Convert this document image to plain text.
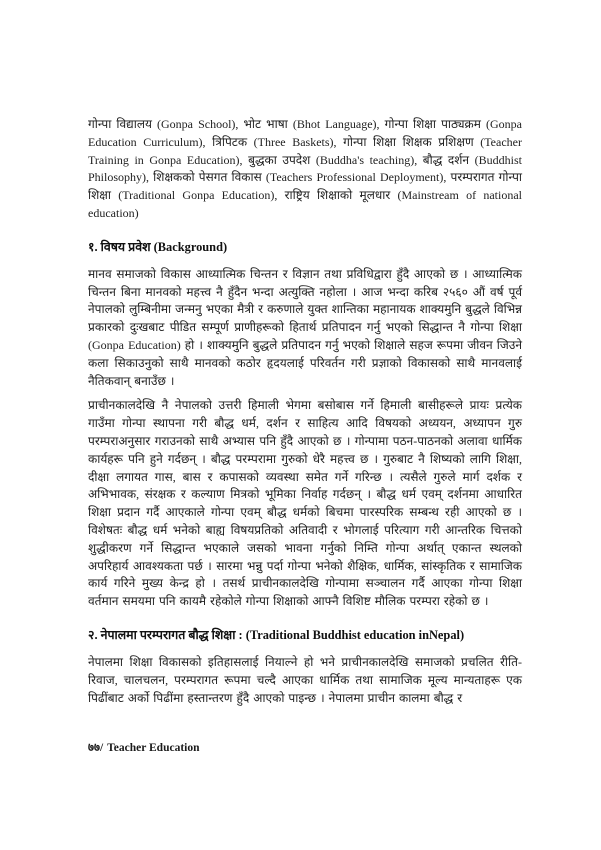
गोन्पा विद्यालय (Gonpa School), भोट भाषा (Bhot Language), गोन्पा शिक्षा पाठ्यक्रम (Gonpa Education Curriculum), त्रिपिटक (Three Baskets), गोन्पा शिक्षा शिक्षक प्रशिक्षण (Teacher Training in Gonpa Education), बुद्धका उपदेश (Buddha's teaching), बौद्ध दर्शन (Buddhist Philosophy), शिक्षकको पेसगत विकास (Teachers Professional Deployment), परम्परागत गोन्पा शिक्षा (Traditional Gonpa Education), राष्ट्रिय शिक्षाको मूलधार (Mainstream of national education)

१. विषय प्रवेश (Background)

मानव समाजको विकास आध्यात्मिक चिन्तन र विज्ञान तथा प्रविधिद्वारा हुँदै आएको छ । आध्यात्मिक चिन्तन बिना मानवको महत्त्व नै हुँदैन भन्दा अत्युक्ति नहोला । आज भन्दा करिब २५६० औं वर्ष पूर्व नेपालको लुम्बिनीमा जन्मनु भएका मैत्री र करुणाले युक्त शान्तिका महानायक शाक्यमुनि बुद्धले विभिन्न प्रकारको दुःखबाट पीडित सम्पूर्ण प्राणीहरूको हितार्थ प्रतिपादन गर्नु भएको सिद्धान्त नै गोन्पा शिक्षा (Gonpa Education) हो । शाक्यमुनि बुद्धले प्रतिपादन गर्नु भएको शिक्षाले सहज रूपमा जीवन जिउने कला सिकाउनुको साथै मानवको कठोर हृदयलाई परिवर्तन गरी प्रज्ञाको विकासको साथै मानवलाई नैतिकवान् बनाउँछ ।

प्राचीनकालदेखि नै नेपालको उत्तरी हिमाली भेगमा बसोबास गर्ने हिमाली बासीहरूले प्रायः प्रत्येक गाउँमा गोन्पा स्थापना गरी बौद्ध धर्म, दर्शन र साहित्य आदि विषयको अध्ययन, अध्यापन गुरु परम्पराअनुसार गराउनको साथै अभ्यास पनि हुँदै आएको छ । गोन्पामा पठन-पाठनको अलावा धार्मिक कार्यहरू पनि हुने गर्दछन् । बौद्ध परम्परामा गुरुको धेरै महत्त्व छ । गुरुबाट नै शिष्यको लागि शिक्षा, दीक्षा लगायत गास, बास र कपासको व्यवस्था समेत गर्ने गरिन्छ । त्यसैले गुरुले मार्ग दर्शक र अभिभावक, संरक्षक र कल्याण मित्रको भूमिका निर्वाह गर्दछन् । बौद्ध धर्म एवम् दर्शनमा आधारित शिक्षा प्रदान गर्दै आएकाले गोन्पा एवम् बौद्ध धर्मको बिचमा पारस्परिक सम्बन्ध रही आएको छ । विशेषतः बौद्ध धर्म भनेको बाह्य विषयप्रतिको अतिवादी र भोगलाई परित्याग गरी आन्तरिक चित्तको शुद्धीकरण गर्ने सिद्धान्त भएकाले जसको भावना गर्नुको निम्ति गोन्पा अर्थात् एकान्त स्थलको अपरिहार्य आवश्यकता पर्छ । सारमा भन्नु पर्दा गोन्पा भनेको शैक्षिक, धार्मिक, सांस्कृतिक र सामाजिक कार्य गरिने मुख्य केन्द्र हो । तसर्थ प्राचीनकालदेखि गोन्पामा सञ्चालन गर्दै आएका गोन्पा शिक्षा वर्तमान समयमा पनि कायमै रहेकोले गोन्पा शिक्षाको आफ्नै विशिष्ट मौलिक परम्परा रहेको छ ।

२. नेपालमा परम्परागत बौद्ध शिक्षा : (Traditional Buddhist education inNepal)

नेपालमा शिक्षा विकासको इतिहासलाई नियाल्ने हो भने प्राचीनकालदेखि समाजको प्रचलित रीति-रिवाज, चालचलन, परम्परागत रूपमा चल्दै आएका धार्मिक तथा सामाजिक मूल्य मान्यताहरू एक पिढींबाट अर्को पिढींमा हस्तान्तरण हुँदै आएको पाइन्छ । नेपालमा प्राचीन कालमा बौद्ध र

७७/ Teacher Education
